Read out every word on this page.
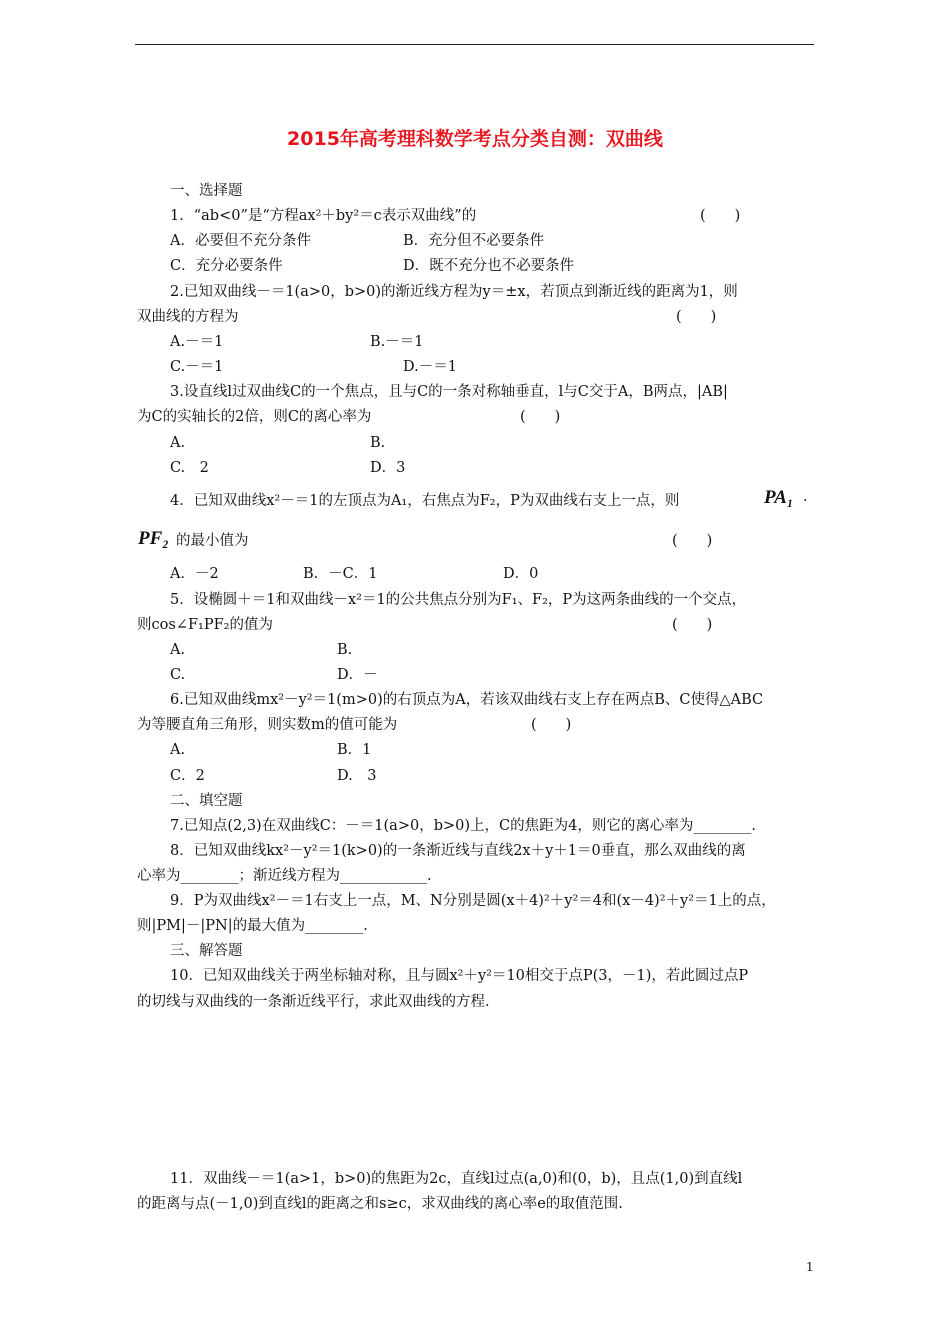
2015年高考理科数学考点分类自测：双曲线
一、选择题
1．“ab<0”是“方程ax²＋by²＝c表示双曲线”的	(　　)
A．必要但不充分条件	B．充分但不必要条件
C．充分必要条件	D．既不充分也不必要条件
2.已知双曲线－＝1(a>0，b>0)的渐近线方程为y＝±x，若顶点到渐近线的距离为1，则
双曲线的方程为	(　　)
A.－＝1	B.－＝1
C.－＝1	D.－＝1
3.设直线l过双曲线C的一个焦点，且与C的一条对称轴垂直，l与C交于A，B两点，|AB|
为C的实轴长的2倍，则C的离心率为	(　　)
A.	B.
C.　2	D．3
4．已知双曲线x²－＝1的左顶点为A₁，右焦点为F₂，P为双曲线右支上一点，则	PA₁ ·
PF₂ 的最小值为	(　　)
A．－2	B．－C．1	D．0
5．设椭圆＋＝1和双曲线－x²＝1的公共焦点分别为F₁、F₂，P为这两条曲线的一个交点，
则cos∠F₁PF₂的值为	(　　)
A.	B.
C.	D．－
6.已知双曲线mx²－y²＝1(m>0)的右顶点为A，若该双曲线右支上存在两点B、C使得△ABC
为等腰直角三角形，则实数m的值可能为	(　　)
A.	B．1
C．2	D.　3
二、填空题
7.已知点(2,3)在双曲线C：－＝1(a>0，b>0)上，C的焦距为4，则它的离心率为________.
8．已知双曲线kx²－y²＝1(k>0)的一条渐近线与直线2x＋y＋1＝0垂直，那么双曲线的离
心率为________；渐近线方程为____________.
9．P为双曲线x²－＝1右支上一点，M、N分别是圆(x＋4)²＋y²＝4和(x－4)²＋y²＝1上的点，
则|PM|－|PN|的最大值为________.
三、解答题
10．已知双曲线关于两坐标轴对称，且与圆x²＋y²＝10相交于点P(3，－1)，若此圆过点P
的切线与双曲线的一条渐近线平行，求此双曲线的方程.
11．双曲线－＝1(a>1，b>0)的焦距为2c，直线l过点(a,0)和(0，b)，且点(1,0)到直线l
的距离与点(－1,0)到直线l的距离之和s≥c，求双曲线的离心率e的取值范围.
1
